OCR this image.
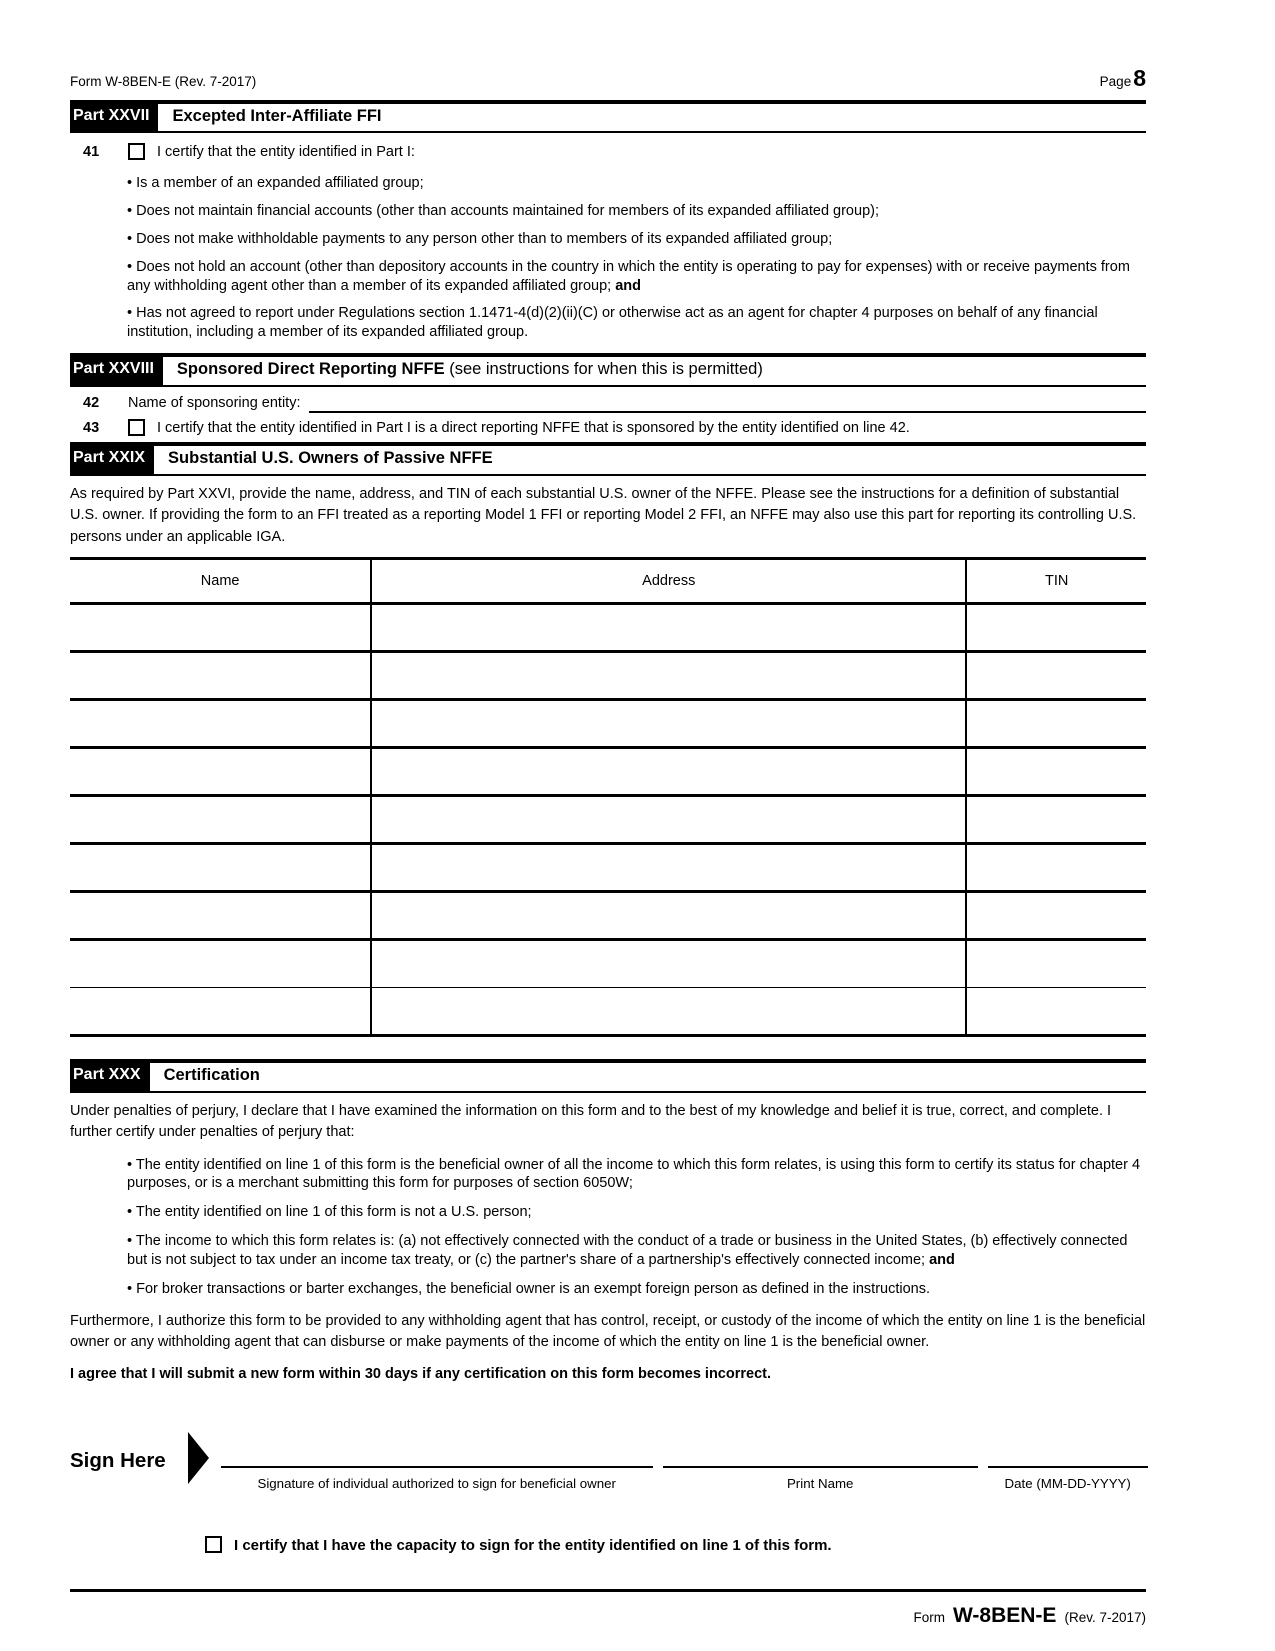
Form W-8BEN-E (Rev. 7-2017)	Page8
Part XXVII	Excepted Inter-Affiliate FFI
41	I certify that the entity identified in Part I:
• Is a member of an expanded affiliated group;
• Does not maintain financial accounts (other than accounts maintained for members of its expanded affiliated group);
• Does not make withholdable payments to any person other than to members of its expanded affiliated group;
• Does not hold an account (other than depository accounts in the country in which the entity is operating to pay for expenses) with or receive payments from any withholding agent other than a member of its expanded affiliated group; and
• Has not agreed to report under Regulations section 1.1471-4(d)(2)(ii)(C) or otherwise act as an agent for chapter 4 purposes on behalf of any financial institution, including a member of its expanded affiliated group.
Part XXVIII	Sponsored Direct Reporting NFFE (see instructions for when this is permitted)
42	Name of sponsoring entity:
43	I certify that the entity identified in Part I is a direct reporting NFFE that is sponsored by the entity identified on line 42.
Part XXIX	Substantial U.S. Owners of Passive NFFE
As required by Part XXVI, provide the name, address, and TIN of each substantial U.S. owner of the NFFE. Please see the instructions for a definition of substantial U.S. owner. If providing the form to an FFI treated as a reporting Model 1 FFI or reporting Model 2 FFI, an NFFE may also use this part for reporting its controlling U.S. persons under an applicable IGA.
Name	Address	TIN

Part XXX	Certification
Under penalties of perjury, I declare that I have examined the information on this form and to the best of my knowledge and belief it is true, correct, and complete. I further certify under penalties of perjury that:
• The entity identified on line 1 of this form is the beneficial owner of all the income to which this form relates, is using this form to certify its status for chapter 4 purposes, or is a merchant submitting this form for purposes of section 6050W;
• The entity identified on line 1 of this form is not a U.S. person;
• The income to which this form relates is: (a) not effectively connected with the conduct of a trade or business in the United States, (b) effectively connected but is not subject to tax under an income tax treaty, or (c) the partner's share of a partnership's effectively connected income; and
• For broker transactions or barter exchanges, the beneficial owner is an exempt foreign person as defined in the instructions.
Furthermore, I authorize this form to be provided to any withholding agent that has control, receipt, or custody of the income of which the entity on line 1 is the beneficial owner or any withholding agent that can disburse or make payments of the income of which the entity on line 1 is the beneficial owner.
I agree that I will submit a new form within 30 days if any certification on this form becomes incorrect.
Sign Here
Signature of individual authorized to sign for beneficial owner	Print Name	Date (MM-DD-YYYY)
I certify that I have the capacity to sign for the entity identified on line 1 of this form.
Form W-8BEN-E (Rev. 7-2017)
